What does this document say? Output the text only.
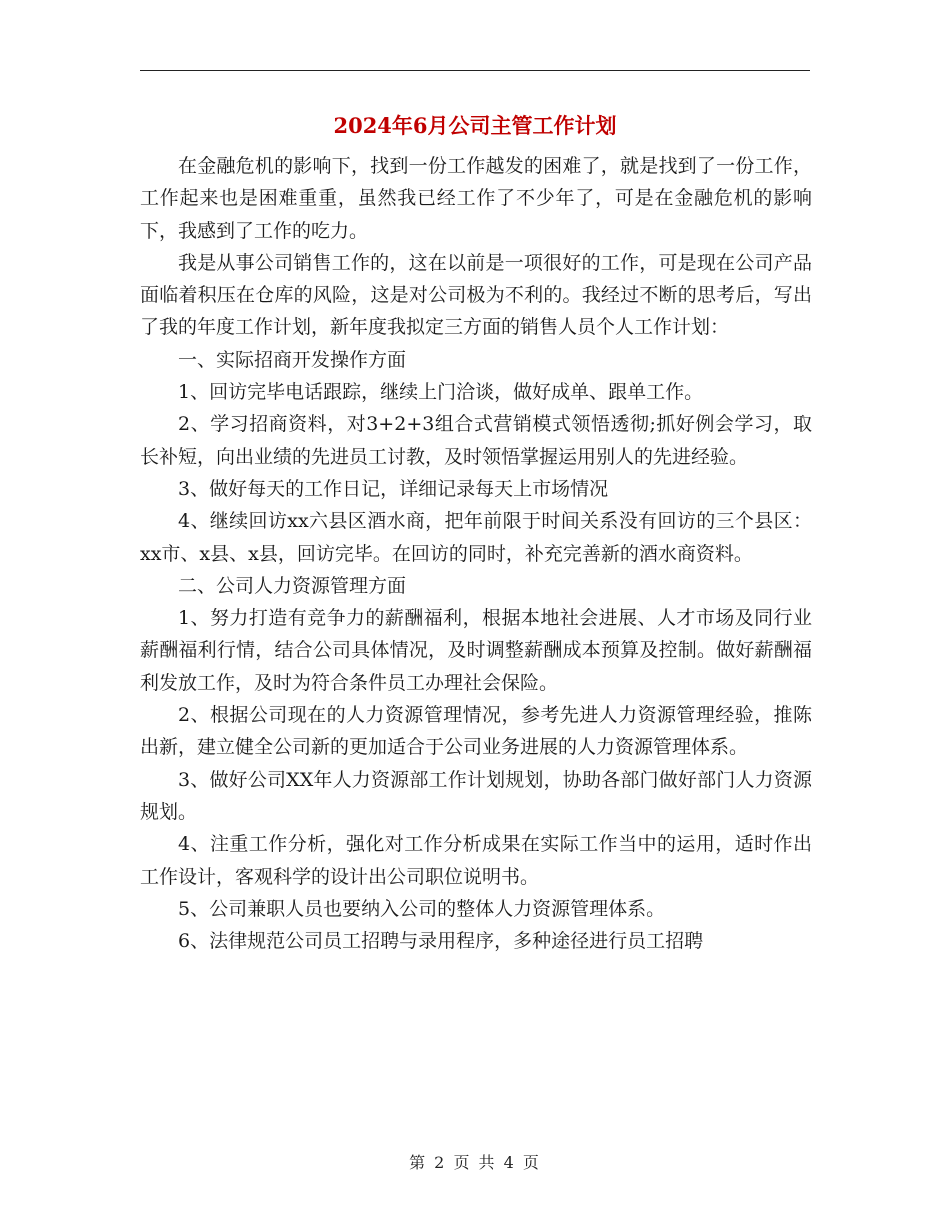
2024年6月公司主管工作计划

在金融危机的影响下，找到一份工作越发的困难了，就是找到了一份工作，工作起来也是困难重重，虽然我已经工作了不少年了，可是在金融危机的影响下，我感到了工作的吃力。

我是从事公司销售工作的，这在以前是一项很好的工作，可是现在公司产品面临着积压在仓库的风险，这是对公司极为不利的。我经过不断的思考后，写出了我的年度工作计划，新年度我拟定三方面的销售人员个人工作计划：

一、实际招商开发操作方面

1、回访完毕电话跟踪，继续上门洽谈，做好成单、跟单工作。

2、学习招商资料，对3+2+3组合式营销模式领悟透彻;抓好例会学习，取长补短，向出业绩的先进员工讨教，及时领悟掌握运用别人的先进经验。

3、做好每天的工作日记，详细记录每天上市场情况

4、继续回访xx六县区酒水商，把年前限于时间关系没有回访的三个县区：xx市、x县、x县，回访完毕。在回访的同时，补充完善新的酒水商资料。

二、公司人力资源管理方面

1、努力打造有竞争力的薪酬福利，根据本地社会进展、人才市场及同行业薪酬福利行情，结合公司具体情况，及时调整薪酬成本预算及控制。做好薪酬福利发放工作，及时为符合条件员工办理社会保险。

2、根据公司现在的人力资源管理情况，参考先进人力资源管理经验，推陈出新，建立健全公司新的更加适合于公司业务进展的人力资源管理体系。

3、做好公司XX年人力资源部工作计划规划，协助各部门做好部门人力资源规划。

4、注重工作分析，强化对工作分析成果在实际工作当中的运用，适时作出工作设计，客观科学的设计出公司职位说明书。

5、公司兼职人员也要纳入公司的整体人力资源管理体系。

6、法律规范公司员工招聘与录用程序，多种途径进行员工招聘

第 2 页 共 4 页
